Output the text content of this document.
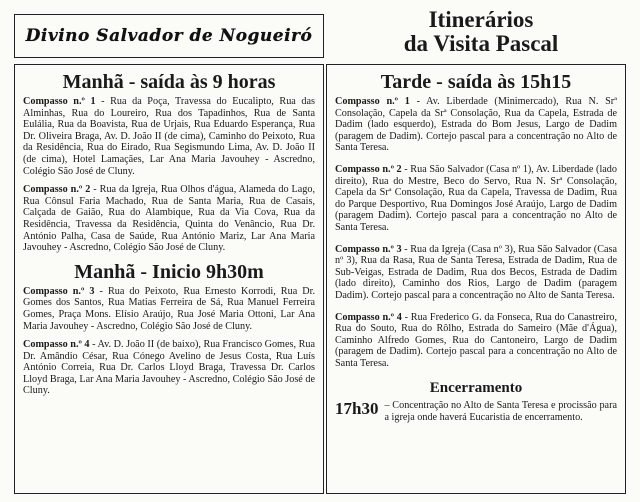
Divino Salvador de Nogueiró
Itinerários
da Visita Pascal
Manhã - saída às 9 horas

Compasso n.º 1 - Rua da Poça, Travessa do Eucalipto, Rua das Alminhas, Rua do Loureiro, Rua dos Tapadinhos, Rua de Santa Eulália, Rua da Boavista, Rua de Urjais, Rua Eduardo Esperança, Rua Dr. Oliveira Braga, Av. D. João II (de cima), Caminho do Peixoto, Rua da Residência, Rua do Eirado, Rua Segismundo Lima, Av. D. João II (de cima), Hotel Lamaçães, Lar Ana Maria Javouhey - Ascredno, Colégio São José de Cluny.

Compasso n.º 2 - Rua da Igreja, Rua Olhos d'água, Alameda do Lago, Rua Cônsul Faria Machado, Rua de Santa Maria, Rua de Casais, Calçada de Gaião, Rua do Alambique, Rua da Via Cova, Rua da Residência, Travessa da Residência, Quinta do Venâncio, Rua Dr. António Palha, Casa de Saúde, Rua António Mariz, Lar Ana Maria Javouhey - Ascredno, Colégio São José de Cluny.

Manhã - Inicio 9h30m

Compasso n.º 3 - Rua do Peixoto, Rua Ernesto Korrodi, Rua Dr. Gomes dos Santos, Rua Matias Ferreira de Sá, Rua Manuel Ferreira Gomes, Praça Mons. Elísio Araújo, Rua José Maria Ottoni, Lar Ana Maria Javouhey - Ascredno, Colégio São José de Cluny.

Compasso n.º 4 - Av. D. João II (de baixo), Rua Francisco Gomes, Rua Dr. Amândio César, Rua Cónego Avelino de Jesus Costa, Rua Luís António Correia, Rua Dr. Carlos Lloyd Braga, Travessa Dr. Carlos Lloyd Braga, Lar Ana Maria Javouhey - Ascredno, Colégio São José de Cluny.

Tarde - saída às 15h15

Compasso n.º 1 - Av. Liberdade (Minimercado), Rua N. Srª Consolação, Capela da Srª Consolação, Rua da Capela, Estrada de Dadim (lado esquerdo), Estrada do Bom Jesus, Largo de Dadim (paragem de Dadim). Cortejo pascal para a concentração no Alto de Santa Teresa.

Compasso n.º 2 - Rua São Salvador (Casa nº 1), Av. Liberdade (lado direito), Rua do Mestre, Beco do Servo, Rua N. Srª Consolação, Capela da Srª Consolação, Rua da Capela, Travessa de Dadim, Rua do Parque Desportivo, Rua Domingos José Araújo, Largo de Dadim (paragem Dadim). Cortejo pascal para a concentração no Alto de Santa Teresa.

Compasso n.º 3 - Rua da Igreja (Casa nº 3), Rua São Salvador (Casa nº 3), Rua da Rasa, Rua de Santa Teresa, Estrada de Dadim, Rua de Sub-Veigas, Estrada de Dadim, Rua dos Becos, Estrada de Dadim (lado direito), Caminho dos Rios, Largo de Dadim (paragem Dadim). Cortejo pascal para a concentração no Alto de Santa Teresa.

Compasso n.º 4 - Rua Frederico G. da Fonseca, Rua do Canastreiro, Rua do Souto, Rua do Rôlho, Estrada do Sameiro (Mãe d'Água), Caminho Alfredo Gomes, Rua do Cantoneiro, Largo de Dadim (paragem de Dadim). Cortejo pascal para a concentração no Alto de Santa Teresa.

Encerramento
17h30 – Concentração no Alto de Santa Teresa e procissão para a igreja onde haverá Eucaristia de encerramento.
